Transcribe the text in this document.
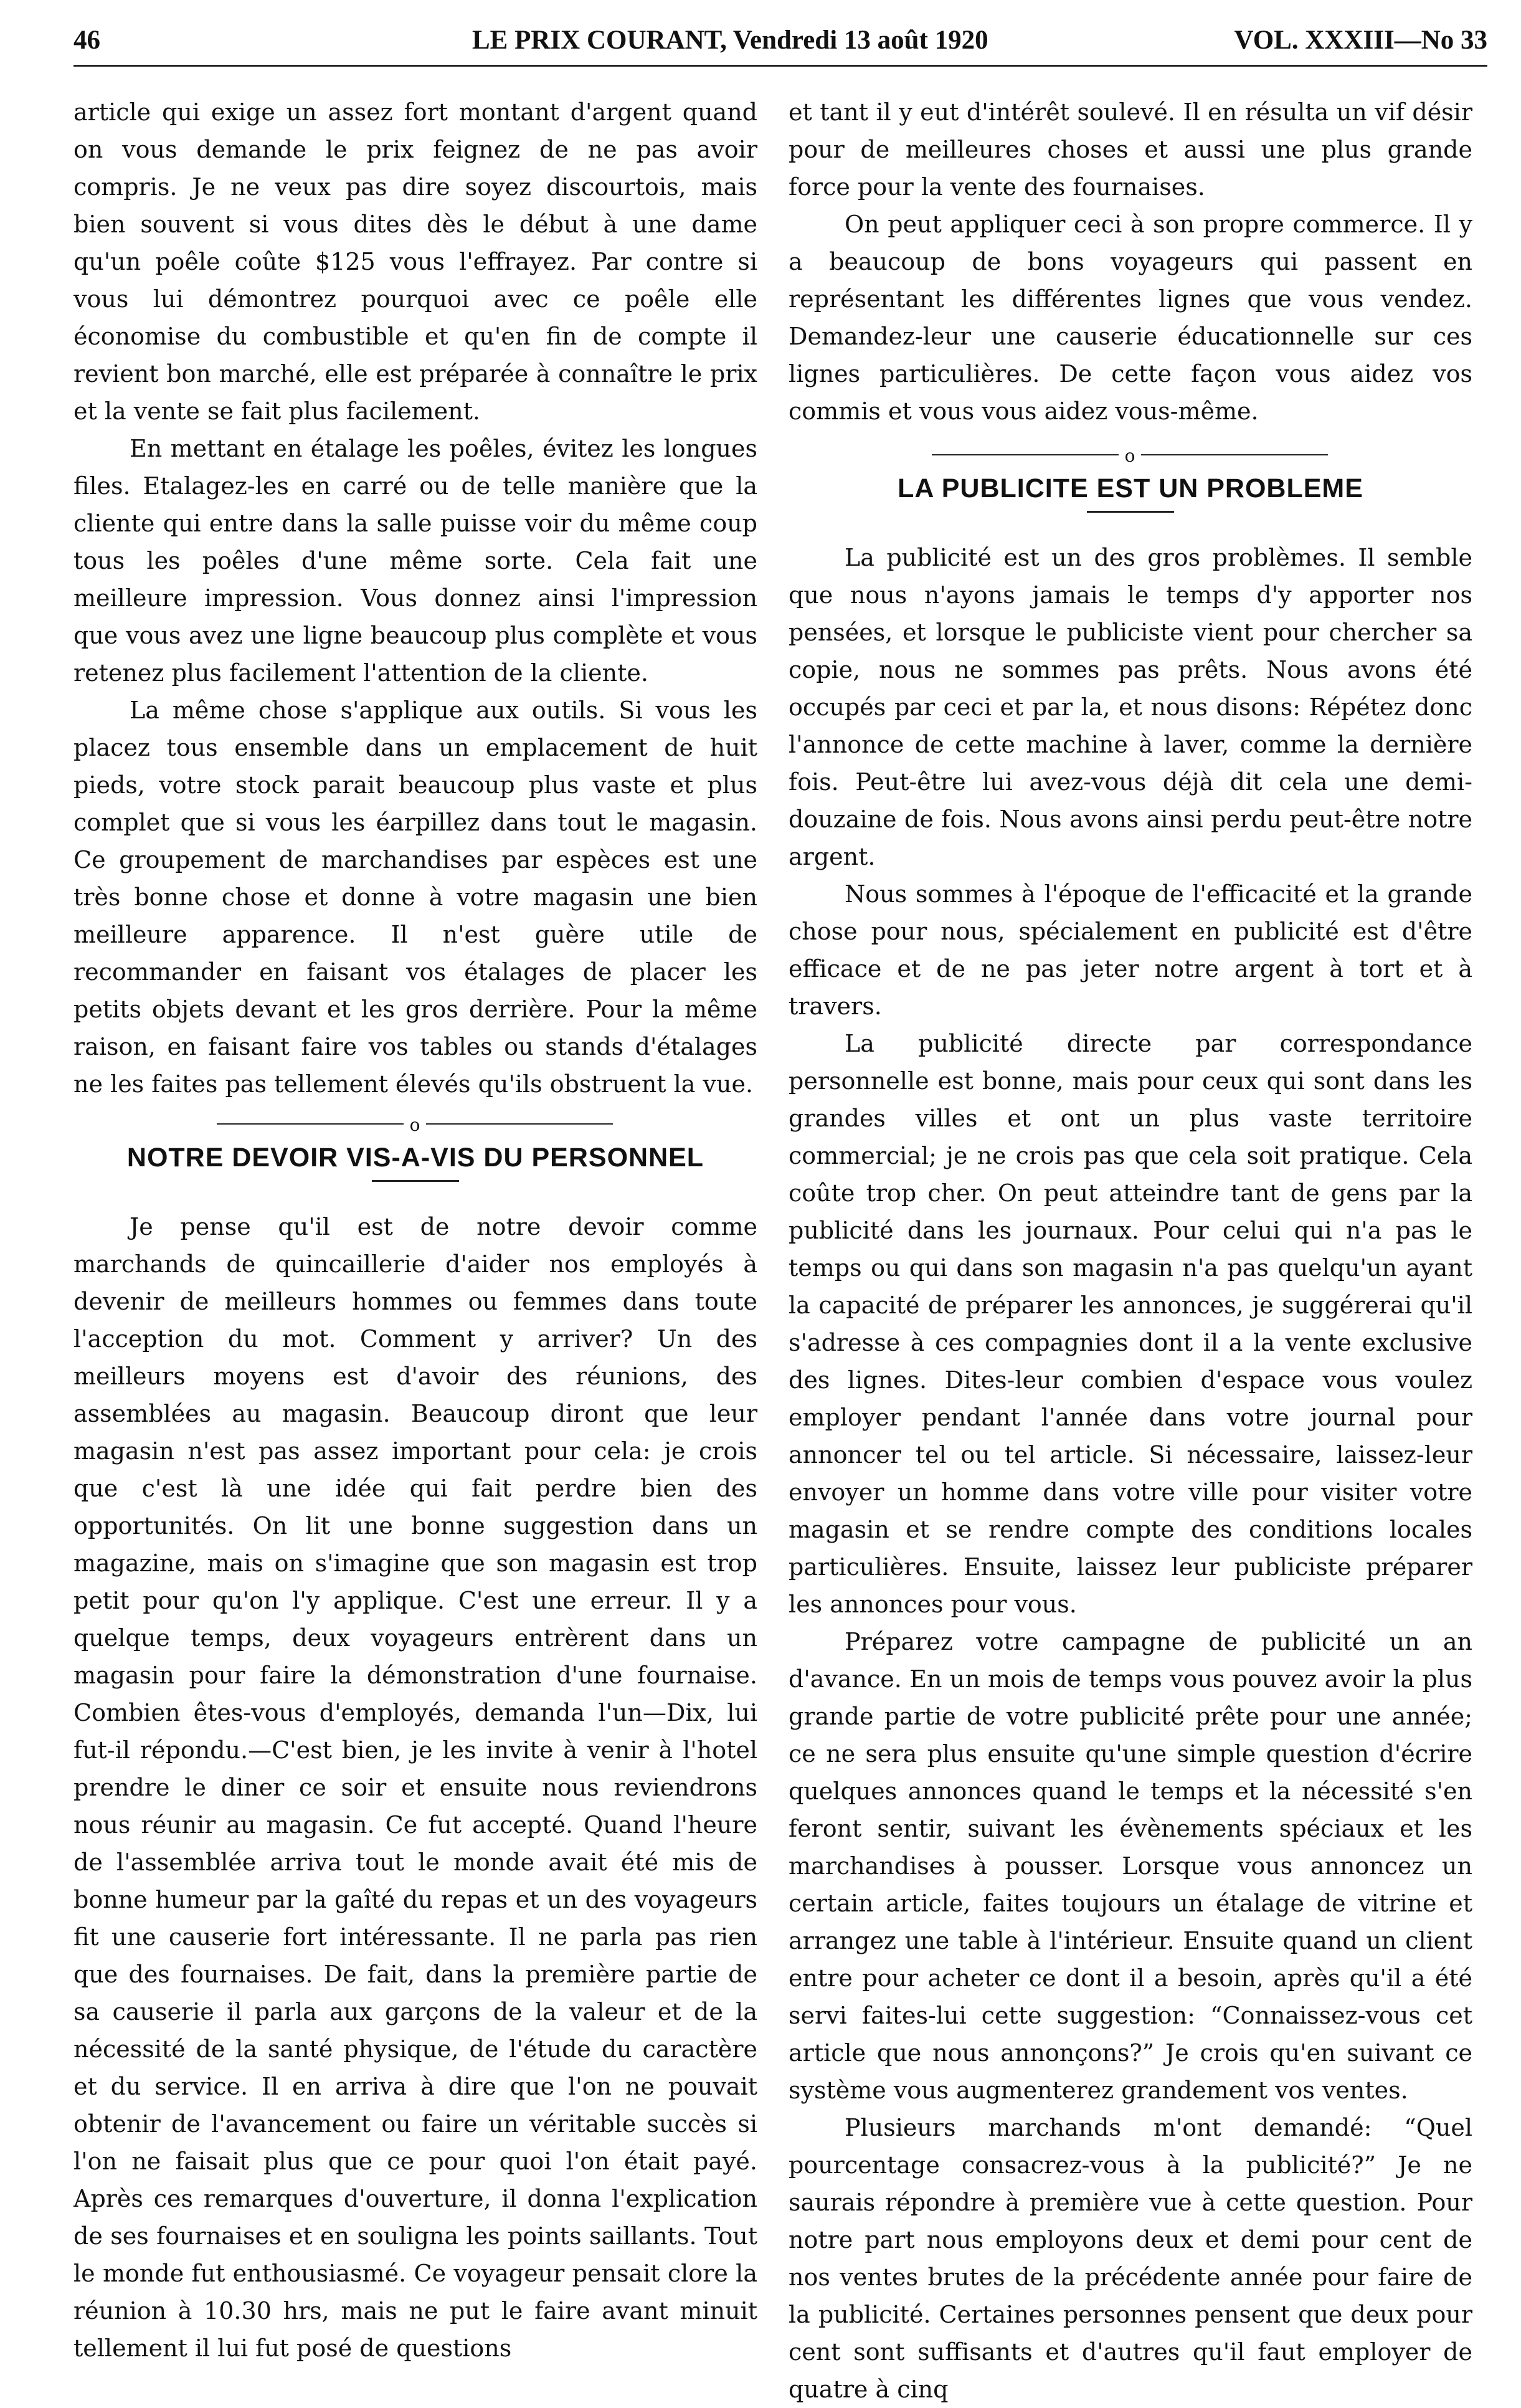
46	LE PRIX COURANT, Vendredi 13 août 1920	VOL. XXXIII—No 33

article qui exige un assez fort montant d'argent quand on vous demande le prix feignez de ne pas avoir compris. Je ne veux pas dire soyez discourtois, mais bien souvent si vous dites dès le début à une dame qu'un poêle coûte $125 vous l'effrayez. Par contre si vous lui démontrez pourquoi avec ce poêle elle économise du combustible et qu'en fin de compte il revient bon marché, elle est préparée à connaître le prix et la vente se fait plus facilement.

En mettant en étalage les poêles, évitez les longues files. Etalagez-les en carré ou de telle manière que la cliente qui entre dans la salle puisse voir du même coup tous les poêles d'une même sorte. Cela fait une meilleure impression. Vous donnez ainsi l'impression que vous avez une ligne beaucoup plus complète et vous retenez plus facilement l'attention de la cliente.

La même chose s'applique aux outils. Si vous les placez tous ensemble dans un emplacement de huit pieds, votre stock parait beaucoup plus vaste et plus complet que si vous les éarpillez dans tout le magasin. Ce groupement de marchandises par espèces est une très bonne chose et donne à votre magasin une bien meilleure apparence. Il n'est guère utile de recommander en faisant vos étalages de placer les petits objets devant et les gros derrière. Pour la même raison, en faisant faire vos tables ou stands d'étalages ne les faites pas tellement élevés qu'ils obstruent la vue.

o
NOTRE DEVOIR VIS-A-VIS DU PERSONNEL

Je pense qu'il est de notre devoir comme marchands de quincaillerie d'aider nos employés à devenir de meilleurs hommes ou femmes dans toute l'acception du mot. Comment y arriver? Un des meilleurs moyens est d'avoir des réunions, des assemblées au magasin. Beaucoup diront que leur magasin n'est pas assez important pour cela: je crois que c'est là une idée qui fait perdre bien des opportunités. On lit une bonne suggestion dans un magazine, mais on s'imagine que son magasin est trop petit pour qu'on l'y applique. C'est une erreur. Il y a quelque temps, deux voyageurs entrèrent dans un magasin pour faire la démonstration d'une fournaise. Combien êtes-vous d'employés, demanda l'un—Dix, lui fut-il répondu.—C'est bien, je les invite à venir à l'hotel prendre le diner ce soir et ensuite nous reviendrons nous réunir au magasin. Ce fut accepté. Quand l'heure de l'assemblée arriva tout le monde avait été mis de bonne humeur par la gaîté du repas et un des voyageurs fit une causerie fort intéressante. Il ne parla pas rien que des fournaises. De fait, dans la première partie de sa causerie il parla aux garçons de la valeur et de la nécessité de la santé physique, de l'étude du caractère et du service. Il en arriva à dire que l'on ne pouvait obtenir de l'avancement ou faire un véritable succès si l'on ne faisait plus que ce pour quoi l'on était payé. Après ces remarques d'ouverture, il donna l'explication de ses fournaises et en souligna les points saillants. Tout le monde fut enthousiasmé. Ce voyageur pensait clore la réunion à 10.30 hrs, mais ne put le faire avant minuit tellement il lui fut posé de questions

et tant il y eut d'intérêt soulevé. Il en résulta un vif désir pour de meilleures choses et aussi une plus grande force pour la vente des fournaises.

On peut appliquer ceci à son propre commerce. Il y a beaucoup de bons voyageurs qui passent en représentant les différentes lignes que vous vendez. Demandez-leur une causerie éducationnelle sur ces lignes particulières. De cette façon vous aidez vos commis et vous vous aidez vous-même.

o
LA PUBLICITE EST UN PROBLEME

La publicité est un des gros problèmes. Il semble que nous n'ayons jamais le temps d'y apporter nos pensées, et lorsque le publiciste vient pour chercher sa copie, nous ne sommes pas prêts. Nous avons été occupés par ceci et par la, et nous disons: Répétez donc l'annonce de cette machine à laver, comme la dernière fois. Peut-être lui avez-vous déjà dit cela une demi-douzaine de fois. Nous avons ainsi perdu peut-être notre argent.

Nous sommes à l'époque de l'efficacité et la grande chose pour nous, spécialement en publicité est d'être efficace et de ne pas jeter notre argent à tort et à travers.

La publicité directe par correspondance personnelle est bonne, mais pour ceux qui sont dans les grandes villes et ont un plus vaste territoire commercial; je ne crois pas que cela soit pratique. Cela coûte trop cher. On peut atteindre tant de gens par la publicité dans les journaux. Pour celui qui n'a pas le temps ou qui dans son magasin n'a pas quelqu'un ayant la capacité de préparer les annonces, je suggérerai qu'il s'adresse à ces compagnies dont il a la vente exclusive des lignes. Dites-leur combien d'espace vous voulez employer pendant l'année dans votre journal pour annoncer tel ou tel article. Si nécessaire, laissez-leur envoyer un homme dans votre ville pour visiter votre magasin et se rendre compte des conditions locales particulières. Ensuite, laissez leur publiciste préparer les annonces pour vous.

Préparez votre campagne de publicité un an d'avance. En un mois de temps vous pouvez avoir la plus grande partie de votre publicité prête pour une année; ce ne sera plus ensuite qu'une simple question d'écrire quelques annonces quand le temps et la nécessité s'en feront sentir, suivant les évènements spéciaux et les marchandises à pousser. Lorsque vous annoncez un certain article, faites toujours un étalage de vitrine et arrangez une table à l'intérieur. Ensuite quand un client entre pour acheter ce dont il a besoin, après qu'il a été servi faites-lui cette suggestion: “Connaissez-vous cet article que nous annonçons?” Je crois qu'en suivant ce système vous augmenterez grandement vos ventes.

Plusieurs marchands m'ont demandé: “Quel pourcentage consacrez-vous à la publicité?” Je ne saurais répondre à première vue à cette question. Pour notre part nous employons deux et demi pour cent de nos ventes brutes de la précédente année pour faire de la publicité. Certaines personnes pensent que deux pour cent sont suffisants et d'autres qu'il faut employer de quatre à cinq
